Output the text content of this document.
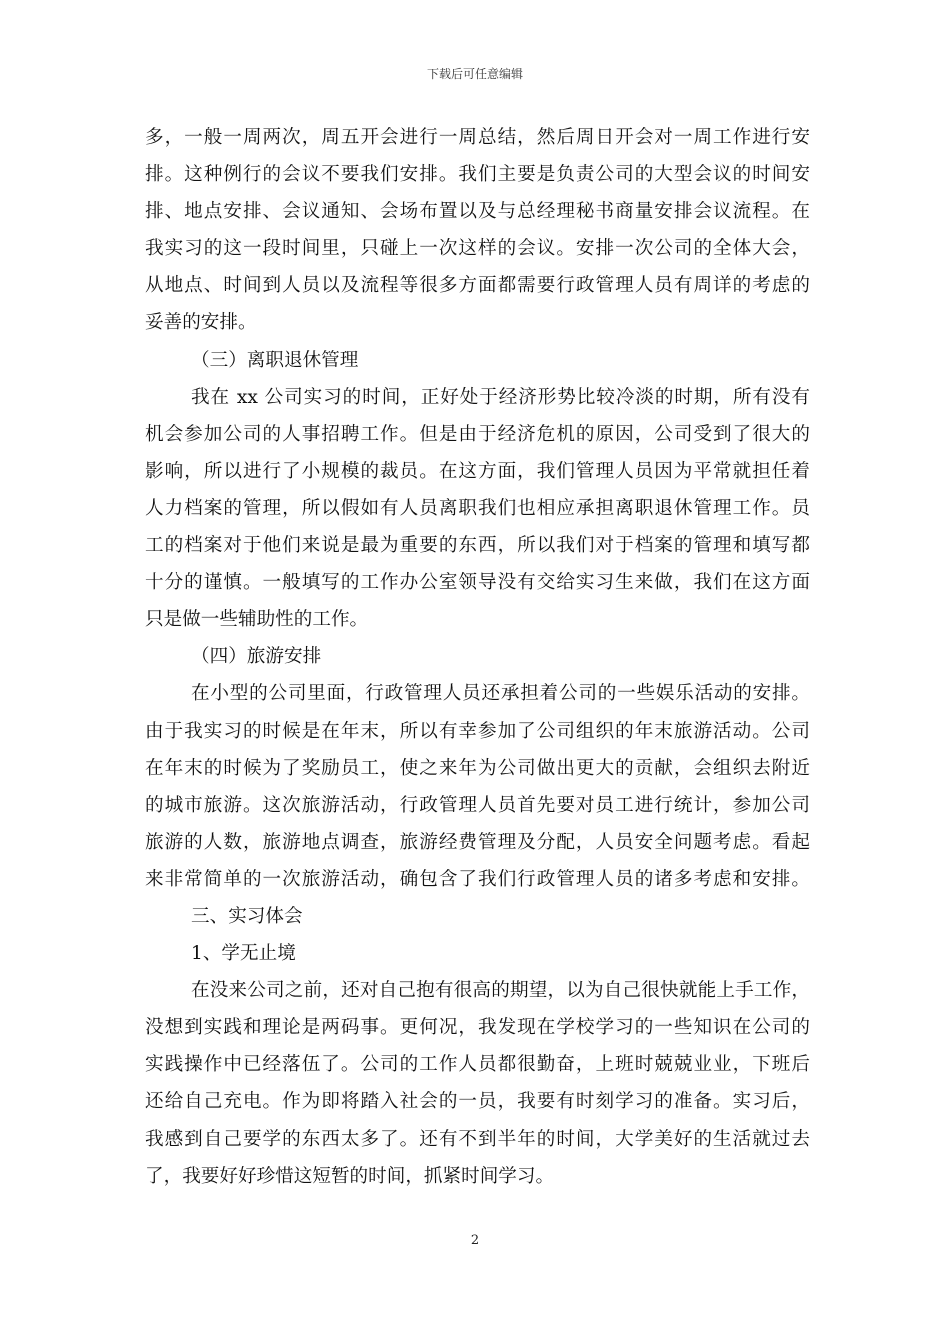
下载后可任意编辑
多，一般一周两次，周五开会进行一周总结，然后周日开会对一周工作进行安
排。这种例行的会议不要我们安排。我们主要是负责公司的大型会议的时间安
排、地点安排、会议通知、会场布置以及与总经理秘书商量安排会议流程。在
我实习的这一段时间里，只碰上一次这样的会议。安排一次公司的全体大会，
从地点、时间到人员以及流程等很多方面都需要行政管理人员有周详的考虑的
妥善的安排。
（三）离职退休管理
我在 xx 公司实习的时间，正好处于经济形势比较冷淡的时期，所有没有
机会参加公司的人事招聘工作。但是由于经济危机的原因，公司受到了很大的
影响，所以进行了小规模的裁员。在这方面，我们管理人员因为平常就担任着
人力档案的管理，所以假如有人员离职我们也相应承担离职退休管理工作。员
工的档案对于他们来说是最为重要的东西，所以我们对于档案的管理和填写都
十分的谨慎。一般填写的工作办公室领导没有交给实习生来做，我们在这方面
只是做一些辅助性的工作。
（四）旅游安排
在小型的公司里面，行政管理人员还承担着公司的一些娱乐活动的安排。
由于我实习的时候是在年末，所以有幸参加了公司组织的年末旅游活动。公司
在年末的时候为了奖励员工，使之来年为公司做出更大的贡献，会组织去附近
的城市旅游。这次旅游活动，行政管理人员首先要对员工进行统计，参加公司
旅游的人数，旅游地点调查，旅游经费管理及分配，人员安全问题考虑。看起
来非常简单的一次旅游活动，确包含了我们行政管理人员的诸多考虑和安排。
三、实习体会
1、学无止境
在没来公司之前，还对自己抱有很高的期望，以为自己很快就能上手工作，
没想到实践和理论是两码事。更何况，我发现在学校学习的一些知识在公司的
实践操作中已经落伍了。公司的工作人员都很勤奋，上班时兢兢业业，下班后
还给自己充电。作为即将踏入社会的一员，我要有时刻学习的准备。实习后，
我感到自己要学的东西太多了。还有不到半年的时间，大学美好的生活就过去
了，我要好好珍惜这短暂的时间，抓紧时间学习。
2
